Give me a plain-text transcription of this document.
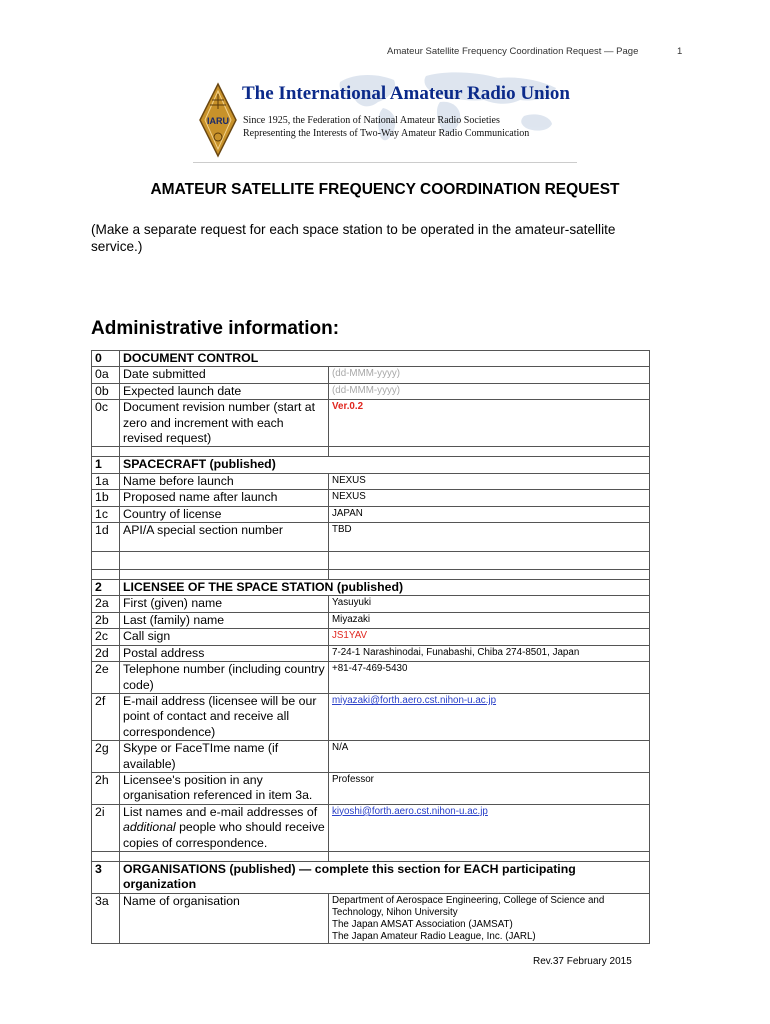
Amateur Satellite Frequency Coordination Request — Page	1
IARU
The International Amateur Radio Union
Since 1925, the Federation of National Amateur Radio Societies
Representing the Interests of Two-Way Amateur Radio Communication
AMATEUR SATELLITE FREQUENCY COORDINATION REQUEST
(Make a separate request for each space station to be operated in the amateur-satellite service.)
Administrative information:
0	DOCUMENT CONTROL	
0a	Date submitted	(dd-MMM-yyyy)
0b	Expected launch date	(dd-MMM-yyyy)
0c	Document revision number (start at zero and increment with each revised request)	Ver.0.2

1	SPACECRAFT (published)	
1a	Name before launch	NEXUS
1b	Proposed name after launch	NEXUS
1c	Country of license	JAPAN
1d	API/A special section number	TBD

2	LICENSEE OF THE SPACE STATION (published)	
2a	First (given) name	Yasuyuki
2b	Last (family) name	Miyazaki
2c	Call sign	JS1YAV
2d	Postal address	7-24-1 Narashinodai, Funabashi, Chiba 274-8501, Japan
2e	Telephone number (including country code)	+81-47-469-5430
2f	E-mail address (licensee will be our point of contact and receive all correspondence)	miyazaki@forth.aero.cst.nihon-u.ac.jp
2g	Skype or FaceTIme name (if available)	N/A
2h	Licensee's position in any organisation referenced in item 3a.	Professor
2i	List names and e-mail addresses of additional people who should receive copies of correspondence.	kiyoshi@forth.aero.cst.nihon-u.ac.jp

3	ORGANISATIONS (published) — complete this section for EACH participating organization	
3a	Name of organisation	Department of Aerospace Engineering, College of Science and Technology, Nihon University
The Japan AMSAT Association (JAMSAT)
The Japan Amateur Radio League, Inc. (JARL)
Rev.37 February 2015
